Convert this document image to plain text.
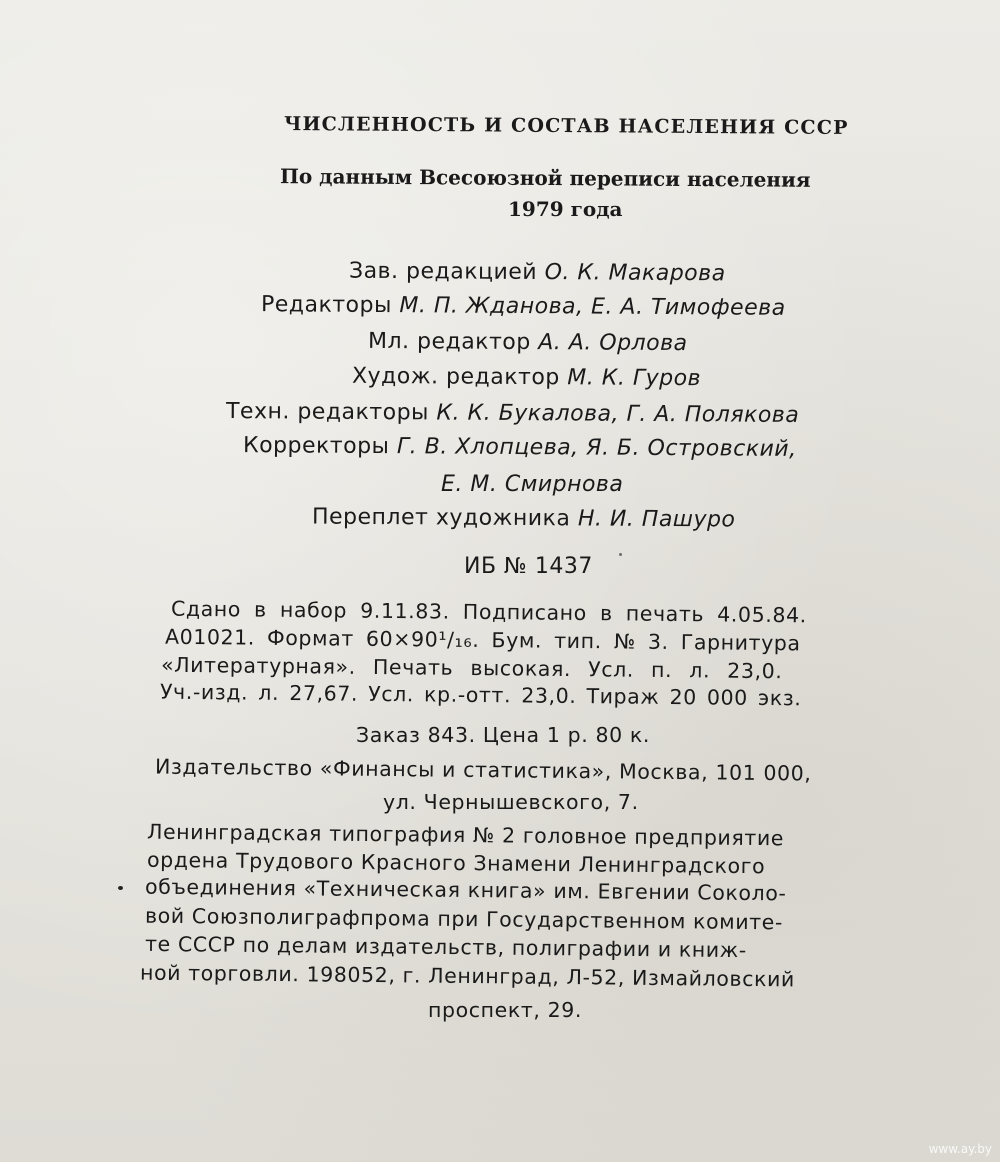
ЧИСЛЕННОСТЬ И СОСТАВ НАСЕЛЕНИЯ СССР
По данным Всесоюзной переписи населения
1979 года
Зав. редакцией О. К. Макарова
Редакторы М. П. Жданова, Е. А. Тимофеева
Мл. редактор А. А. Орлова
Худож. редактор М. К. Гуров
Техн. редакторы К. К. Букалова, Г. А. Полякова
Корректоры Г. В. Хлопцева, Я. Б. Островский,
Е. М. Смирнова
Переплет художника Н. И. Пашуро
ИБ № 1437
Сдано в набор 9.11.83. Подписано в печать 4.05.84.
А01021. Формат 60×90¹/₁₆. Бум. тип. № 3. Гарнитура
«Литературная». Печать высокая. Усл. п. л. 23,0.
Уч.-изд. л. 27,67. Усл. кр.-отт. 23,0. Тираж 20 000 экз.
Заказ 843. Цена 1 р. 80 к.
Издательство «Финансы и статистика», Москва, 101 000,
ул. Чернышевского, 7.
Ленинградская типография № 2 головное предприятие
ордена Трудового Красного Знамени Ленинградского
объединения «Техническая книга» им. Евгении Соколо-
вой Союзполиграфпрома при Государственном комите-
те СССР по делам издательств, полиграфии и книж-
ной торговли. 198052, г. Ленинград, Л-52, Измайловский
проспект, 29.
www.ay.by
